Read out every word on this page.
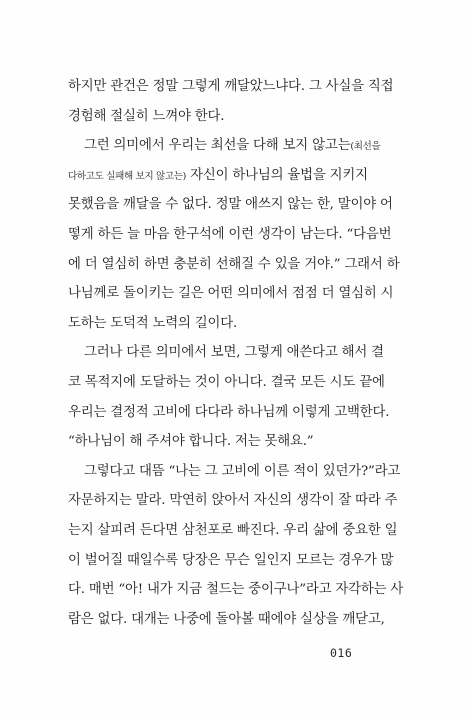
하지만 관건은 정말 그렇게 깨달았느냐다. 그 사실을 직접
경험해 절실히 느껴야 한다.
그런 의미에서 우리는 최선을 다해 보지 않고는(최선을
다하고도 실패해 보지 않고는) 자신이 하나님의 율법을 지키지
못했음을 깨달을 수 없다. 정말 애쓰지 않는 한, 말이야 어
떻게 하든 늘 마음 한구석에 이런 생각이 남는다. “다음번
에 더 열심히 하면 충분히 선해질 수 있을 거야.” 그래서 하
나님께로 돌이키는 길은 어떤 의미에서 점점 더 열심히 시
도하는 도덕적 노력의 길이다.
그러나 다른 의미에서 보면, 그렇게 애쓴다고 해서 결
코 목적지에 도달하는 것이 아니다. 결국 모든 시도 끝에
우리는 결정적 고비에 다다라 하나님께 이렇게 고백한다.
“하나님이 해 주셔야 합니다. 저는 못해요.”
그렇다고 대뜸 “나는 그 고비에 이른 적이 있던가?”라고
자문하지는 말라. 막연히 앉아서 자신의 생각이 잘 따라 주
는지 살피려 든다면 삼천포로 빠진다. 우리 삶에 중요한 일
이 벌어질 때일수록 당장은 무슨 일인지 모르는 경우가 많
다. 매번 “아! 내가 지금 철드는 중이구나”라고 자각하는 사
람은 없다. 대개는 나중에 돌아볼 때에야 실상을 깨닫고,
016
